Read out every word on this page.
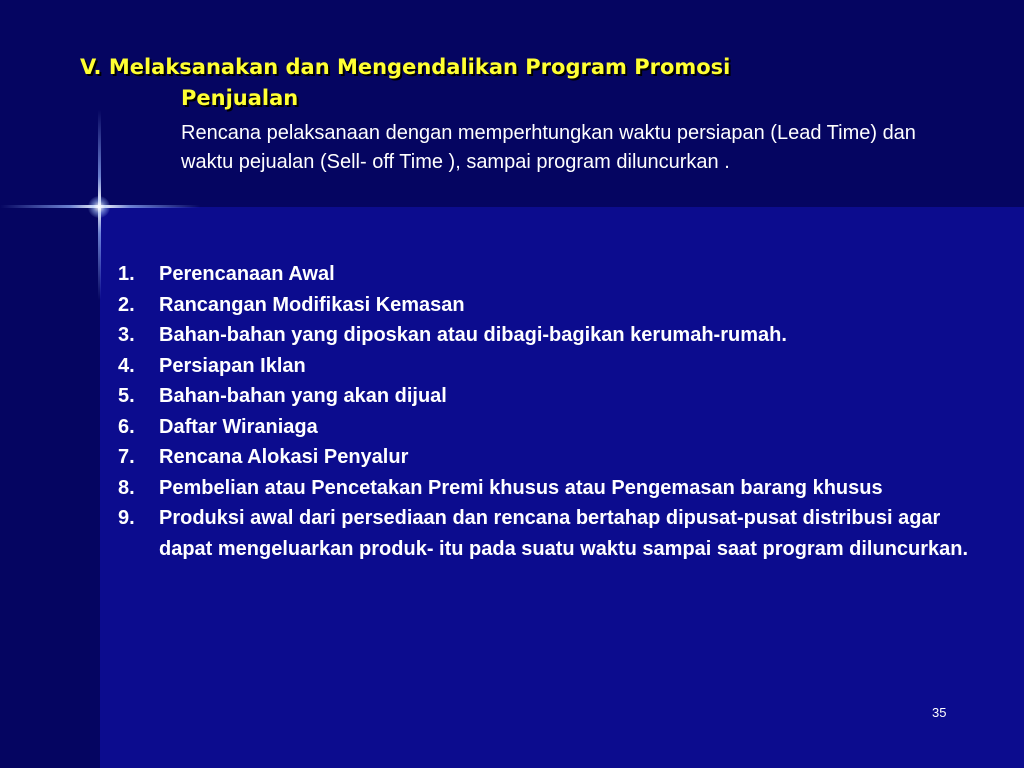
V. Melaksanakan dan Mengendalikan Program Promosi
Penjualan

Rencana pelaksanaan dengan memperhtungkan waktu persiapan (Lead Time) dan waktu pejualan (Sell- off Time ), sampai program diluncurkan .

1.	Perencanaan Awal
2.	Rancangan Modifikasi Kemasan
3.	Bahan-bahan yang diposkan atau dibagi-bagikan kerumah-rumah.
4.	Persiapan Iklan
5.	Bahan-bahan yang akan dijual
6.	Daftar Wiraniaga
7.	Rencana Alokasi Penyalur
8.	Pembelian atau Pencetakan Premi khusus atau Pengemasan barang khusus
9.	Produksi awal dari persediaan dan rencana bertahap dipusat-pusat distribusi agar dapat mengeluarkan produk- itu pada suatu waktu sampai saat program diluncurkan.
35
